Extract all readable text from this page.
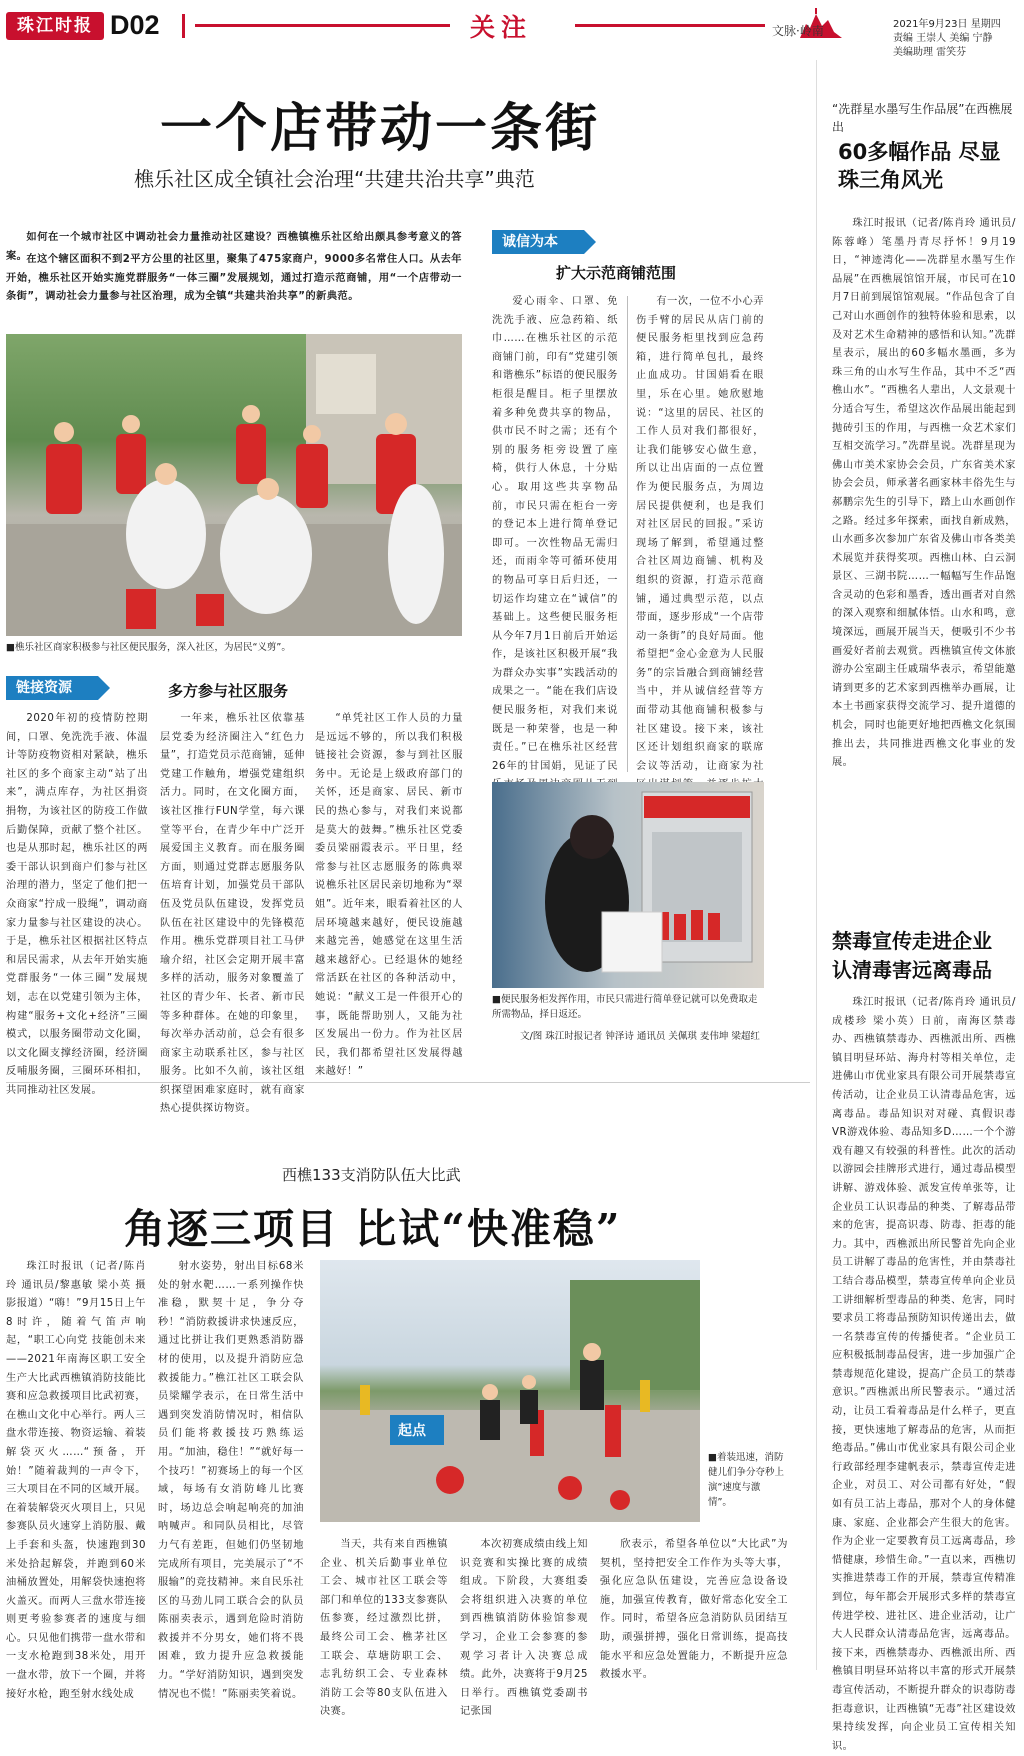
珠江时报 D02	关注	文脉·岭南	2021年9月23日 星期四
责编 王崇人 美编 宁静
美编助理 雷笑芬
一个店带动一条街
樵乐社区成全镇社会治理“共建共治共享”典范
如何在一个城市社区中调动社会力量推动社区建设？西樵镇樵乐社区给出颇具参考意义的答案。 在这个辖区面积不到2平方公里的社区里，聚集了475家商户，9000多名常住人口。从去年开始，樵乐社区开始实施党群服务“一体三圈”发展规划，通过打造示范商铺，用“一个店带动一条街”，调动社会力量参与社区治理，成为全镇“共建共治共享”的新典范。
■樵乐社区商家积极参与社区便民服务，深入社区，为居民“义剪”。
诚信为本
扩大示范商铺范围
爱心雨伞、口罩、免洗洗手液、应急药箱、纸巾……在樵乐社区的示范商铺门前，印有“党建引领 和谐樵乐”标语的便民服务柜很是醒目。柜子里摆放着多种免费共享的物品，供市民不时之需；还有个别的服务柜旁设置了座椅，供行人休息，十分贴心。取用这些共享物品前，市民只需在柜台一旁的登记本上进行简单登记即可。一次性物品无需归还，而雨伞等可循环使用的物品可享日后归还，一切运作均建立在“诚信”的基础上。这些便民服务柜从今年7月1日前后开始运作，是该社区积极开展“我为群众办实事”实践活动的成果之一。“能在我们店设便民服务柜，对我们来说既是一种荣誉，也是一种责任。”已在樵乐社区经营26年的甘国娟，见证了民
有一次，一位不小心弄伤手臂的居民从店门前的便民服务柜里找到应急药箱，进行简单包扎，最终止血成功。甘国娟看在眼里，乐在心里。她欣慰地说：“这里的居民、社区的工作人员对我们都很好，让我们能够安心做生意，所以让出店面的一点位置作为便民服务点，为周边居民提供便利，也是我们对社区居民的回报。”采访现场了解到，希望通过整合社区周边商铺、机构及组织的资源，打造示范商铺，通过典型示范，以点带面，逐步形成“一个店带动一条街”的良好局面。他希望把“金心金意为人民服务”的宗旨融合到商铺经营当中，并从诚信经营等方面带动其他商铺积极参与社区建设。接下来，该社区还计划组织商家的联席会议等活动，让商家为社
■便民服务柜发挥作用，市民只需进行简单登记就可以免费取走所需物品，择日返还。
文/图 珠江时报记者 钟泽诗 通讯员 关佩琪 麦伟坤 梁超红
链接资源	多方参与社区服务
2020年初的疫情防控期间，口罩、免洗洗手液、体温计等防疫物资相对紧缺，樵乐社区的多个商家主动“站了出来”，满点库存，为社区捐资捐物，为该社区的防疫工作做后勤保障，贡献了整个社区。也是从那时起，樵乐社区的两委干部认识到商户们参与社区治理的潜力，坚定了他们把一众商家“拧成一股绳”，调动商家力量参与社区建设的决心。于是，樵乐社区根据社区特点和居民需求，从去年开始实施党群服务“一体三圈”发展规划，志在以党建引领为主体，构建“服务+文化+经济”三圈模式，以服务圈带动文化圈，以文化圈支撑经济圈，经济圈反哺服务圈，三圈环环相扣，共同推动社区发展。
一年来，樵乐社区依靠基层党委为经济圈注入“红色力量”，打造党员示范商铺，延伸党建工作触角，增强党建组织活力。同时，在文化圈方面，该社区推行FUN学堂，每六课堂等平台，在青少年中广泛开展爱国主义教育。而在服务圈方面，则通过党群志愿服务队伍培育计划，加强党员干部队伍及党员队伍建设，发挥党员队伍在社区建设中的先锋模范作用。樵乐党群项目社工马伊瑜介绍，社区会定期开展丰富多样的活动，服务对象覆盖了社区的青少年、长者、新市民等多种群体。在她的印象里，每次举办活动前，总会有很多商家主动联系社区，参与社区服务。比如不久前，该社区组织探望困难家庭时，就有商家热心提供探访物资。
“单凭社区工作人员的力量是远远不够的，所以我们积极链接社会资源，参与到社区服务中。无论是上级政府部门的关怀，还是商家、居民、新市民的热心参与，对我们来说都是莫大的鼓舞。”樵乐社区党委委员梁丽霞表示。平日里，经常参与社区志愿服务的陈典翠说樵乐社区居民亲切地称为“翠姐”。近年来，眼看着社区的人居环境越来越好，便民设施越来越完善，她感觉在这里生活越来越舒心。已经退休的她经常活跃在社区的各种活动中，她说：“献义工是一件很开心的事，既能帮助别人，又能为社区发展出一份力。作为社区居民，我们都希望社区发展得越来越好！”
“冼群星水墨写生作品展”在西樵展出
60多幅作品 尽显珠三角风光
珠江时报讯（记者/陈肖玲 通讯员/陈蓉峰）笔墨丹青尽抒怀！9月19日，“神迹湾化——冼群星水墨写生作品展”在西樵展馆馆开展，市民可在10月7日前到展馆馆观展。“作品包含了自己对山水画创作的独特体验和思索，以及对艺术生命精神的感悟和认知。”冼群星表示，展出的60多幅水墨画，多为珠三角的山水写生作品，其中不乏“西樵山水”。“西樵名人辈出，人文景观十分适合写生，希望这次作品展出能起到抛砖引玉的作用，与西樵一众艺术家们互相交流学习。”冼群星说。冼群星现为佛山市美术家协会会员，广东省美术家协会会员，师承著名画家林丰俗先生与郝鹏宗先生的引导下，踏上山水画创作之路。经过多年探索，面找自新成熟，山水画多次参加广东省及佛山市各类美术展览并获得奖项。西樵山林、白云洞景区、三湖书院……一幅幅写生作品饱含灵动的色彩和墨香，透出画者对自然的深入观察和细腻体悟。山水和鸣，意境深远，画展开展当天，便吸引不少书画爱好者前去观赏。西樵镇宣传文体旅游办公室副主任戚瑞华表示，希望能邀请到更多的艺术家到西樵举办画展，让本土书画家获得交流学习、提升道德的机会，同时也能更好地把西樵文化氛围推出去，共同推进西樵文化事业的发展。
禁毒宣传走进企业 认清毒害远离毒品
珠江时报讯（记者/陈肖玲 通讯员/成楼珍 梁小英）日前，南海区禁毒办、西樵镇禁毒办、西樵派出所、西樵镇目明昼环站、海舟村等相关单位，走进佛山市优业家具有限公司开展禁毒宣传活动，让企业员工认清毒品危害，远离毒品。毒品知识对对碰、真假识毒VR游戏体验、毒品知多D……一个个游戏有趣又有较强的科普性。此次的活动以游园会挂牌形式进行，通过毒品模型讲解、游戏体验、派发宣传单张等，让企业员工认识毒品的种类、了解毒品带来的危害，提高识毒、防毒、拒毒的能力。其中，西樵派出所民警首先向企业员工讲解了毒品的危害性，并由禁毒社工结合毒品模型，禁毒宣传单向企业员工讲细解析型毒品的种类、危害，同时要求员工将毒品预防知识传递出去，做一名禁毒宣传的传播使者。“企业员工应积极抵制毒品侵害，进一步加强广企禁毒规范化建设，提高广企员工的禁毒意识。”西樵派出所民警表示。“通过活动，让员工看着毒品是什么样子，更直接，更快速地了解毒品的危害，从而拒绝毒品。”佛山市优业家具有限公司企业行政部经理李建帆表示，禁毒宣传走进企业，对员工、对公司都有好处，“假如有员工沾上毒品，那对个人的身体健康、家庭、企业都会产生很大的危害。作为企业一定要教育员工远离毒品，珍惜健康，珍惜生命。”一直以来，西樵切实推进禁毒工作的开展，禁毒宣传精准到位，每年都会开展形式多样的禁毒宣传进学校、进社区、进企业活动，让广大人民群众认清毒品危害，远离毒品。接下来，西樵禁毒办、西樵派出所、西樵镇目明昼环站将以丰富的形式开展禁毒宣传活动，不断提升群众的识毒防毒拒毒意识，让西樵镇“无毒”社区建设效果持续发挥，向企业员工宣传相关知识。
西樵133支消防队伍大比武
角逐三项目 比试“快准稳”
珠江时报讯（记者/陈肖玲 通讯员/黎惠敏 梁小英 摄影报道）“嗨！”9月15日上午8时许，随着气笛声响起，“职工心向党 技能创未来——2021年南海区职工安全生产大比武西樵镇消防技能比赛和应急救援项目比武初赛，在樵山文化中心举行。两人三盘水带连接、物资运输、着装解袋灭火……“预备，开始！”随着裁判的一声令下，三大项目在不同的区域开展。在着装解袋灭火项目上，只见参赛队员火速穿上消防服、戴上手套和头盔，快速跑到30米处拾起解袋，并跑到60米油桶放置处，用解袋快速抱将火盖灭。而两人三盘水带连接则更考验参赛者的速度与细心。只见他们携带一盘水带和一支水枪跑到38米处，用开一盘水带，放下一个圈，并将接好水枪，跑至射水线处成
射水姿势，射出目标68米处的射水靶……一系列操作快准稳，默契十足，争分夺秒！“消防救援讲求快速反应，通过比拼让我们更熟悉消防器材的使用，以及提升消防应急救援能力。”樵江社区工联会队员梁耀学表示，在日常生活中遇到突发消防情况时，相信队员们能将救援技巧熟练运用。“加油，稳住！”“就好每一个技巧！”初赛场上的每一个区域，每场有女消防峰儿比赛时，场边总会响起响亮的加油呐喊声。和同队员相比，尽管力气有差距，但她们仍坚韧地完成所有项目，完美展示了“不服输”的竞技精神。来自民乐社区的马劲儿同工联合会的队员陈丽卖表示，遇到危险时消防救援并不分男女，她们将不畏困难，致力提升应急救援能力。“学好消防知识，遇到突发情况也不慌！”陈丽卖笑着说。
起点
■着装迅速，消防健儿们争分夺秒上演“速度与激情”。
当天，共有来自西樵镇企业、机关后勤事业单位工会、城市社区工联会等部门和单位的133支参赛队伍参赛，经过激烈比拼，最终公司工会、樵茅社区工联会、草塘防职工会、志乳纺织工会、专业森林消防工会等80支队伍进入决赛。
本次初赛成绩由线上知识竞赛和实操比赛的成绩组成。下阶段，大赛组委会将组织进入决赛的单位到西樵镇消防体验馆参观学习，企业工会参赛的参观学习者计入决赛总成绩。此外，决赛将于9月25日举行。西樵镇党委副书记张国
欣表示，希望各单位以“大比武”为契机，坚持把安全工作作为头等大事，强化应急队伍建设，完善应急设备设施，加强宣传教育，做好常态化安全工作。同时，希望各应急消防队员团结互助，顽强拼搏，强化日常训练，提高技能水平和应急处置能力，不断提升应急救援水平。
